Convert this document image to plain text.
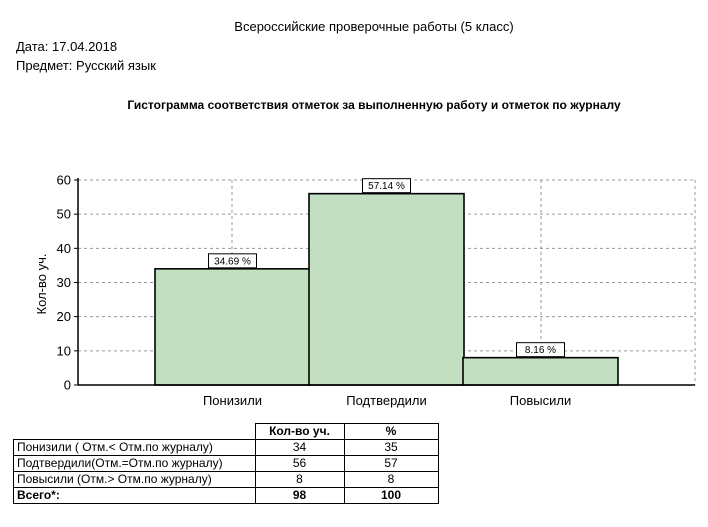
Всероссийские проверочные работы (5 класс)
Дата: 17.04.2018
Предмет: Русский язык
Гистограмма соответствия отметок за выполненную работу и отметок по журналу
0
10
20
30
40
50
60
Понизили	Подтвердили	Повысили
34.69 %
57.14 %
8.16 %
Кол-во уч.
	Кол-во уч.	%
Понизили ( Отм.< Отм.по журналу)	34	35
Подтвердили(Отм.=Отм.по журналу)	56	57
Повысили (Отм.> Отм.по журналу)	8	8
Всего*:	98	100
